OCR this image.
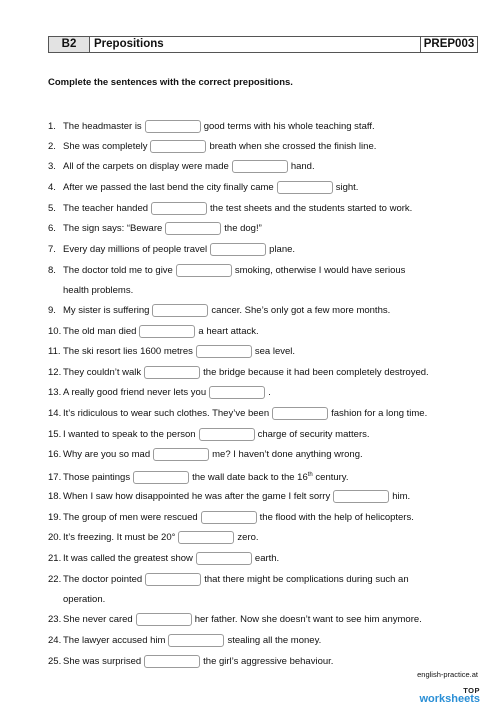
B2	Prepositions	PREP003
Complete the sentences with the correct prepositions.
1. The headmaster is	good terms with his whole teaching staff.
2. She was completely	breath when she crossed the finish line.
3. All of the carpets on display were made	hand.
4. After we passed the last bend the city finally came	sight.
5. The teacher handed	the test sheets and the students started to work.
6. The sign says: “Beware	the dog!”
7. Every day millions of people travel	plane.
8. The doctor told me to give	smoking, otherwise I would have serious
health problems.
9. My sister is suffering	cancer. She’s only got a few more months.
10. The old man died	a heart attack.
11. The ski resort lies 1600 metres	sea level.
12. They couldn’t walk	the bridge because it had been completely destroyed.
13. A really good friend never lets you	.
14. It’s ridiculous to wear such clothes. They’ve been	fashion for a long time.
15. I wanted to speak to the person	charge of security matters.
16. Why are you so mad	me? I haven’t done anything wrong.
17. Those paintings	the wall date back to the 16th century.
18. When I saw how disappointed he was after the game I felt sorry	him.
19. The group of men were rescued	the flood with the help of helicopters.
20. It’s freezing. It must be 20°	zero.
21. It was called the greatest show	earth.
22. The doctor pointed	that there might be complications during such an
operation.
23. She never cared	her father. Now she doesn’t want to see him anymore.
24. The lawyer accused him	stealing all the money.
25. She was surprised	the girl’s aggressive behaviour.
english-practice.at
TOP
worksheets
